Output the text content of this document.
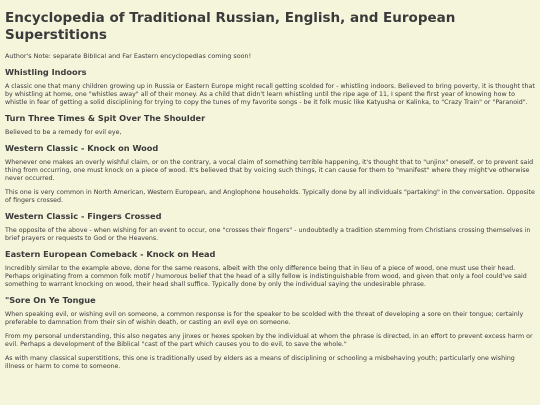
Encyclopedia of Traditional Russian, English, and European Superstitions

Author's Note: separate Biblical and Far Eastern encyclopedias coming soon!

Whistling Indoors

A classic one that many children growing up in Russia or Eastern Europe might recall getting scolded for - whistling indoors. Believed to bring poverty, it is thought that by whistling at home, one "whistles away" all of their money. As a child that didn't learn whistling until the ripe age of 11, I spent the first year of knowing how to whistle in fear of getting a solid disciplining for trying to copy the tunes of my favorite songs - be it folk music like Katyusha or Kalinka, to "Crazy Train" or "Paranoid".

Turn Three Times & Spit Over The Shoulder

Believed to be a remedy for evil eye,

Western Classic - Knock on Wood

Whenever one makes an overly wishful claim, or on the contrary, a vocal claim of something terrible happening, it's thought that to "unjinx" oneself, or to prevent said thing from occurring, one must knock on a piece of wood. It's believed that by voicing such things, it can cause for them to "manifest" where they might've otherwise never occurred.

This one is very common in North American, Western European, and Anglophone households. Typically done by all individuals "partaking" in the conversation. Opposite of fingers crossed.

Western Classic - Fingers Crossed

The opposite of the above - when wishing for an event to occur, one "crosses their fingers" - undoubtedly a tradition stemming from Christians crossing themselves in brief prayers or requests to God or the Heavens.

Eastern European Comeback - Knock on Head

Incredibly similar to the example above, done for the same reasons, albeit with the only difference being that in lieu of a piece of wood, one must use their head. Perhaps originating from a common folk motif / humorous belief that the head of a silly fellow is indistinguishable from wood, and given that only a fool could've said something to warrant knocking on wood, their head shall suffice. Typically done by only the individual saying the undesirable phrase.

"Sore On Ye Tongue

When speaking evil, or wishing evil on someone, a common response is for the speaker to be scolded with the threat of developing a sore on their tongue; certainly preferable to damnation from their sin of wishin death, or casting an evil eye on someone.

From my personal understanding, this also negates any jinxes or hexes spoken by the individual at whom the phrase is directed, in an effort to prevent excess harm or evil. Perhaps a development of the Biblical "cast of the part which causes you to do evil, to save the whole."

As with many classical superstitions, this one is traditionally used by elders as a means of disciplining or schooling a misbehaving youth; particularly one wishing illness or harm to come to someone.
